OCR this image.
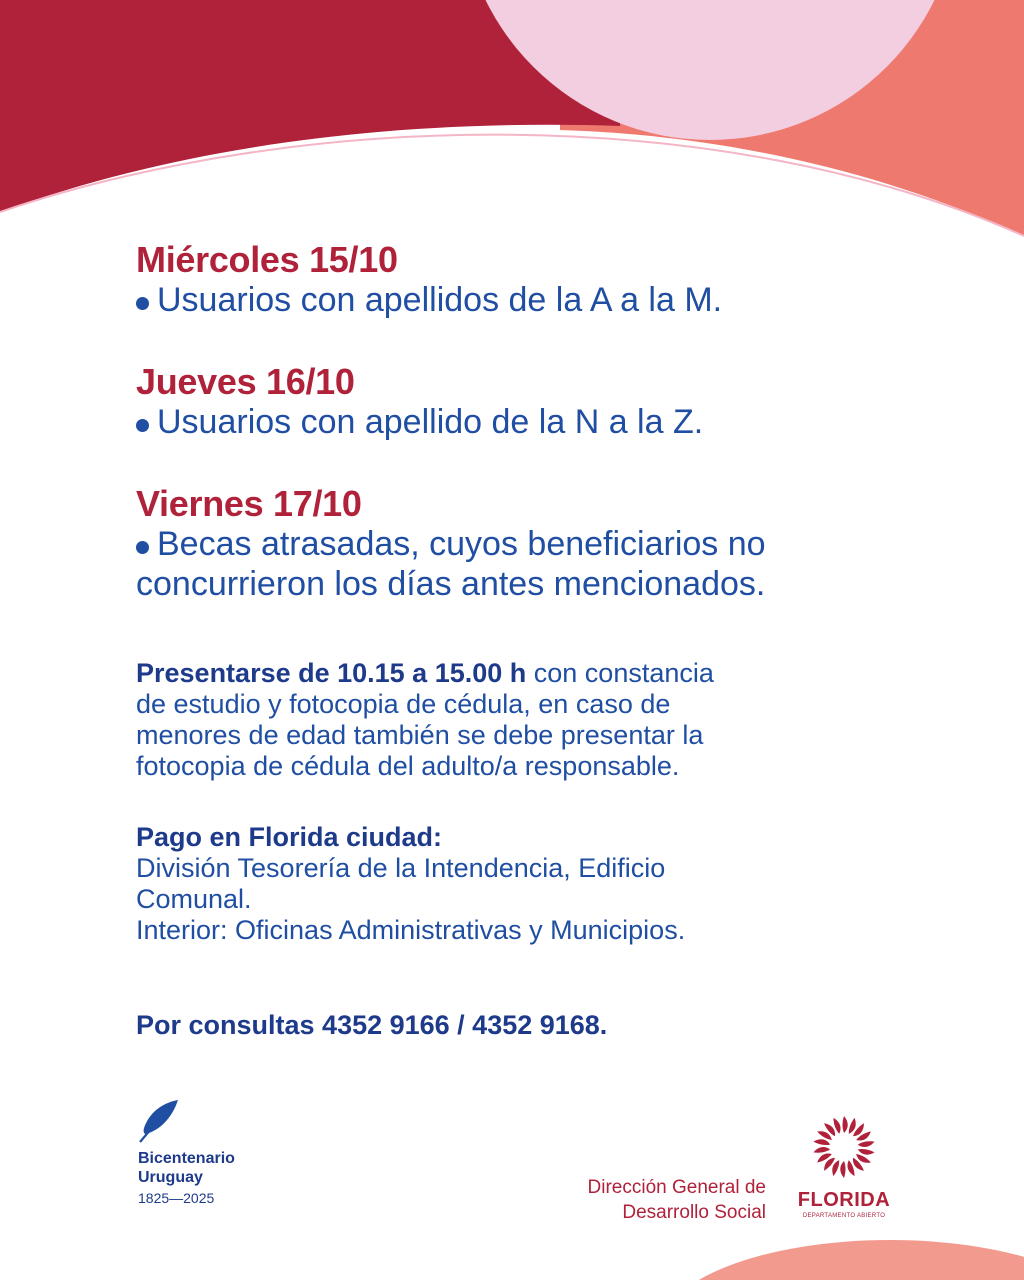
Miércoles 15/10

Usuarios con apellidos de la A a la M.

Jueves 16/10

Usuarios con apellido de la N a la Z.

Viernes 17/10

Becas atrasadas, cuyos beneficiarios no

concurrieron los días antes mencionados.

Presentarse de 10.15 a 15.00 h con constancia

de estudio y fotocopia de cédula, en caso de

menores de edad también se debe presentar la

fotocopia de cédula del adulto/a responsable.

Pago en Florida ciudad:

División Tesorería de la Intendencia, Edificio

Comunal.

Interior: Oficinas Administrativas y Municipios.

Por consultas 4352 9166 / 4352 9168.

Bicentenario
Uruguay
1825—2025	Dirección General de
Desarrollo Social
FLORIDA
DEPARTAMENTO ABIERTO
